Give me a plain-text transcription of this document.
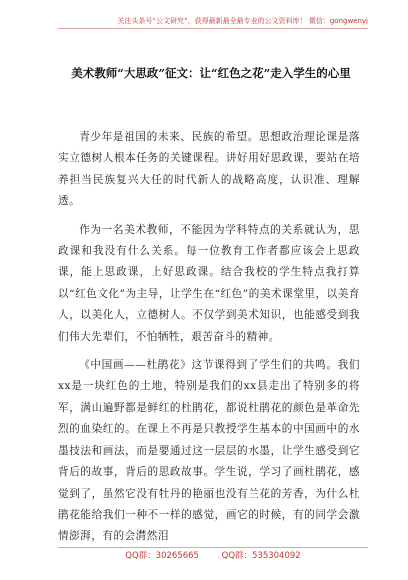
关注头条号“公文研究”，获得最新最全最专业的公文资料库！ 微信：gongwenyj
美术教师“大思政”征文：让“红色之花”走入学生的心里

青少年是祖国的未来、民族的希望。思想政治理论课是落实立德树人根本任务的关键课程。讲好用好思政课，要站在培养担当民族复兴大任的时代新人的战略高度，认识准、理解透。

作为一名美术教师，不能因为学科特点的关系就认为，思政课和我没有什么关系。每一位教育工作者都应该会上思政课，能上思政课，上好思政课。结合我校的学生特点我打算以“红色文化”为主导，让学生在“红色”的美术课堂里，以美育人，以美化人，立德树人。不仅学到美术知识，也能感受到我们伟大先辈们，不怕牺牲，艰苦奋斗的精神。

《中国画——杜鹃花》这节课得到了学生们的共鸣。我们xx是一块红色的土地，特别是我们的xx县走出了特别多的将军，满山遍野都是鲜红的杜鹃花，都说杜鹃花的颜色是革命先烈的血染红的。在课上不再是只教授学生基本的中国画中的水墨技法和画法，而是要通过这一层层的水墨，让学生感受到它背后的故事，背后的思政故事。学生说，学习了画杜鹃花，感觉到了，虽然它没有牡丹的艳丽也没有兰花的芳香，为什么杜鹃花能给我们一种不一样的感觉，画它的时候，有的同学会激情澎湃，有的会潸然泪

QQ群：30265665	QQ群：535304092
